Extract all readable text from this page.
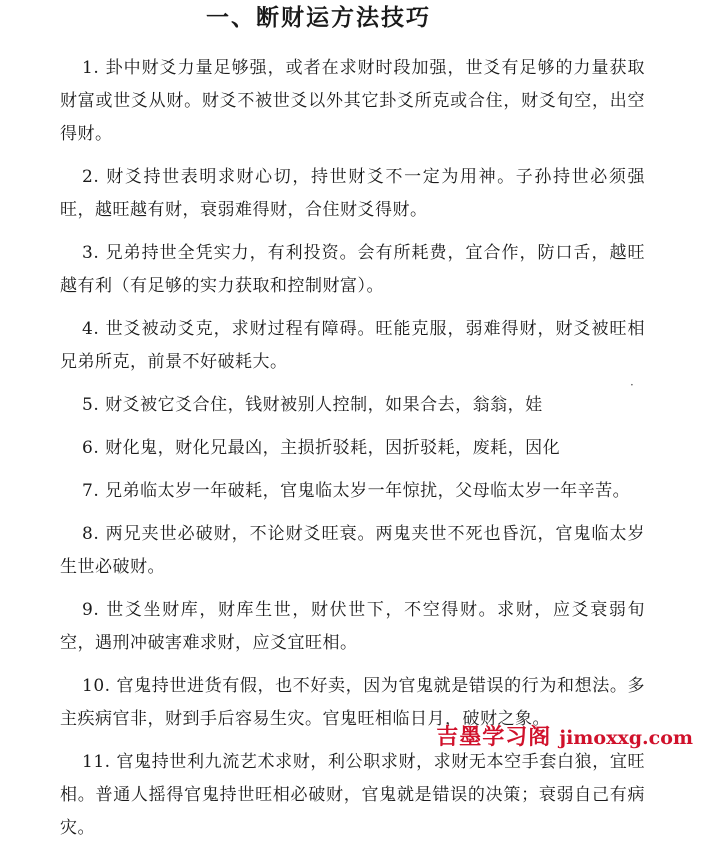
一、断财运方法技巧

1. 卦中财爻力量足够强，或者在求财时段加强，世爻有足够的力量获取财富或世爻从财。财爻不被世爻以外其它卦爻所克或合住，财爻旬空，出空得财。

2. 财爻持世表明求财心切，持世财爻不一定为用神。子孙持世必须强旺，越旺越有财，衰弱难得财，合住财爻得财。

3. 兄弟持世全凭实力，有利投资。会有所耗费，宜合作，防口舌，越旺越有利（有足够的实力获取和控制财富）。

4. 世爻被动爻克，求财过程有障碍。旺能克服，弱难得财，财爻被旺相兄弟所克，前景不好破耗大。

5. 财爻被它爻合住，钱财被别人控制，如果合去，翁翁，娃

6. 财化鬼，财化兄最凶，主损折驳耗，因折驳耗，废耗，因化

7. 兄弟临太岁一年破耗，官鬼临太岁一年惊扰，父母临太岁一年辛苦。

8. 两兄夹世必破财，不论财爻旺衰。两鬼夹世不死也昏沉，官鬼临太岁生世必破财。

9. 世爻坐财库，财库生世，财伏世下，不空得财。求财，应爻衰弱旬空，遇刑冲破害难求财，应爻宜旺相。

10. 官鬼持世进货有假，也不好卖，因为官鬼就是错误的行为和想法。多主疾病官非，财到手后容易生灾。官鬼旺相临日月，破财之象。

11. 官鬼持世利九流艺术求财，利公职求财，求财无本空手套白狼，宜旺相。普通人摇得官鬼持世旺相必破财，官鬼就是错误的决策；衰弱自己有病灾。

·
吉墨学习阁 jimoxxg.com
